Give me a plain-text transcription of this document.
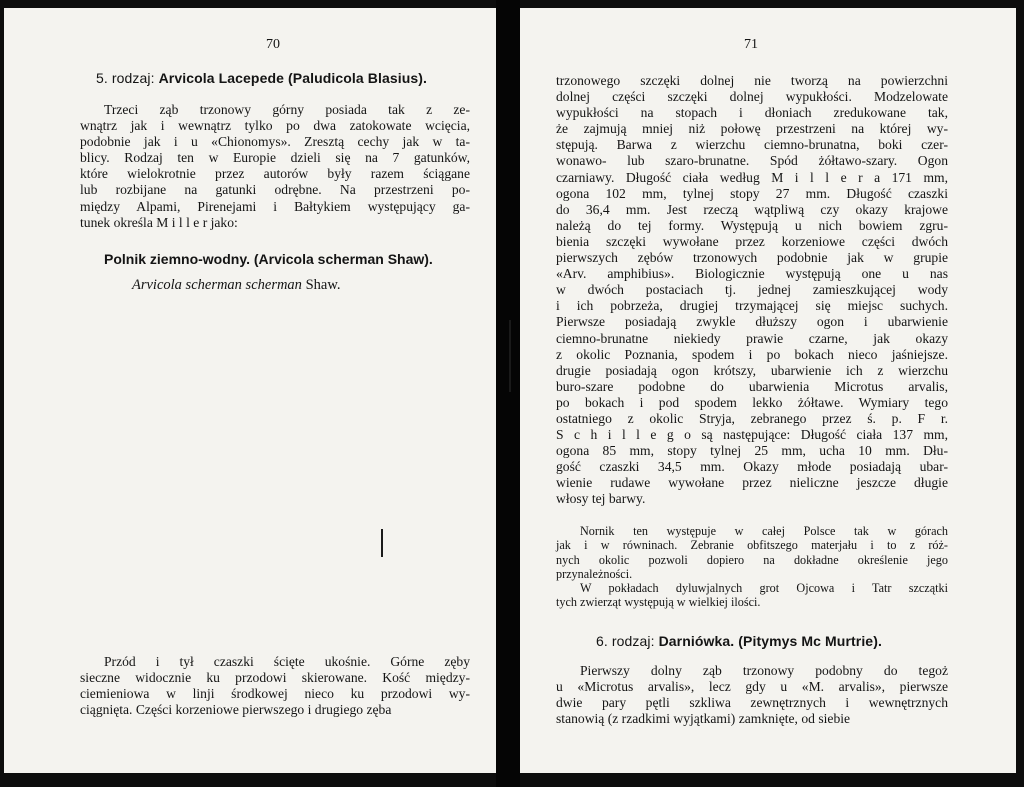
70
5. rodzaj: Arvicola Lacepede (Paludicola Blasius).
Trzeci ząb trzonowy górny posiada tak z ze-
wnątrz jak i wewnątrz tylko po dwa zatokowate wcięcia,
podobnie jak i u «Chionomys». Zresztą cechy jak w ta-
blicy. Rodzaj ten w Europie dzieli się na 7 gatunków,
które wielokrotnie przez autorów były razem ściągane
lub rozbijane na gatunki odrębne. Na przestrzeni po-
między Alpami, Pirenejami i Bałtykiem występujący ga-
tunek określa M i l l e r jako:
Polnik ziemno-wodny. (Arvicola scherman Shaw).
Arvicola scherman scherman Shaw.
Przód i tył czaszki ścięte ukośnie. Górne zęby
sieczne widocznie ku przodowi skierowane. Kość między-
ciemieniowa w linji środkowej nieco ku przodowi wy-
ciągnięta. Części korzeniowe pierwszego i drugiego zęba
71
trzonowego szczęki dolnej nie tworzą na powierzchni
dolnej części szczęki dolnej wypukłości. Modzelowate
wypukłości na stopach i dłoniach zredukowane tak,
że zajmują mniej niż połowę przestrzeni na której wy-
stępują. Barwa z wierzchu ciemno-brunatna, boki czer-
wonawo- lub szaro-brunatne. Spód żółtawo-szary. Ogon
czarniawy. Długość ciała według M i l l e r a 171 mm,
ogona 102 mm, tylnej stopy 27 mm. Długość czaszki
do 36,4 mm. Jest rzeczą wątpliwą czy okazy krajowe
należą do tej formy. Występują u nich bowiem zgru-
bienia szczęki wywołane przez korzeniowe części dwóch
pierwszych zębów trzonowych podobnie jak w grupie
«Arv. amphibius». Biologicznie występują one u nas
w dwóch postaciach tj. jednej zamieszkującej wody
i ich pobrzeża, drugiej trzymającej się miejsc suchych.
Pierwsze posiadają zwykle dłuższy ogon i ubarwienie
ciemno-brunatne niekiedy prawie czarne, jak okazy
z okolic Poznania, spodem i po bokach nieco jaśniejsze.
drugie posiadają ogon krótszy, ubarwienie ich z wierzchu
buro-szare podobne do ubarwienia Microtus arvalis,
po bokach i pod spodem lekko żółtawe. Wymiary tego
ostatniego z okolic Stryja, zebranego przez ś. p. F r.
S c h i l l e g o są następujące: Długość ciała 137 mm,
ogona 85 mm, stopy tylnej 25 mm, ucha 10 mm. Dłu-
gość czaszki 34,5 mm. Okazy młode posiadają ubar-
wienie rudawe wywołane przez nieliczne jeszcze długie
włosy tej barwy.
Nornik ten występuje w całej Polsce tak w górach
jak i w równinach. Zebranie obfitszego materjału i to z róż-
nych okolic pozwoli dopiero na dokładne określenie jego
przynależności.
W pokładach dyluwjalnych grot Ojcowa i Tatr szczątki
tych zwierząt występują w wielkiej ilości.
6. rodzaj: Darniówka. (Pitymys Mc Murtrie).
Pierwszy dolny ząb trzonowy podobny do tegoż
u «Microtus arvalis», lecz gdy u «M. arvalis», pierwsze
dwie pary pętli szkliwa zewnętrznych i wewnętrznych
stanowią (z rzadkimi wyjątkami) zamknięte, od siebie
